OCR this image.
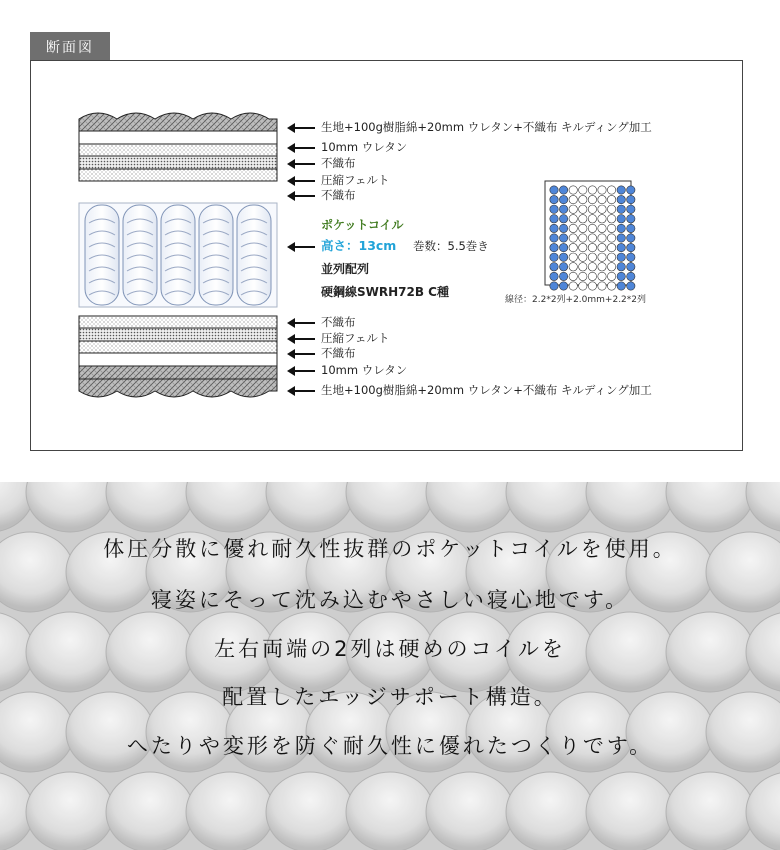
断面図
生地+100g樹脂綿+20mm ウレタン+不織布 キルディング加工
10mm ウレタン
不織布
圧縮フェルト
不織布
ポケットコイル
高さ：13cm 巻数：5.5巻き
並列配列
硬鋼線SWRH72B C種
線径：2.2*2列+2.0mm+2.2*2列
不織布
圧縮フェルト
不織布
10mm ウレタン
生地+100g樹脂綿+20mm ウレタン+不織布 キルディング加工
体圧分散に優れ耐久性抜群のポケットコイルを使用。
寝姿にそって沈み込むやさしい寝心地です。
左右両端の2列は硬めのコイルを
配置したエッジサポート構造。
へたりや変形を防ぐ耐久性に優れたつくりです。
